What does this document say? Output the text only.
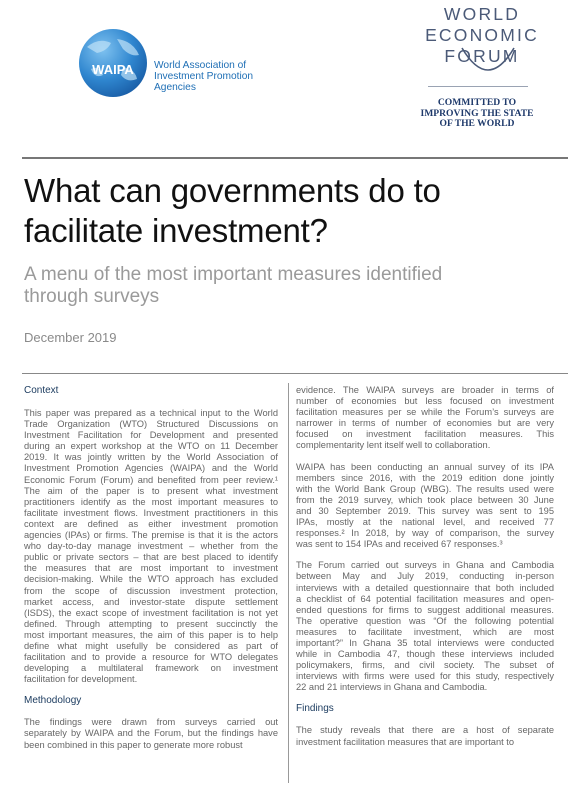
WAIPA World Association of
Investment Promotion
Agencies
WORLD
ECONOMIC
FORUM
COMMITTED TO
IMPROVING THE STATE
OF THE WORLD
What can governments do to
facilitate investment?
A menu of the most important measures identified
through surveys
December 2019
Context
This paper was prepared as a technical input to the World
Trade Organization (WTO) Structured Discussions on
Investment Facilitation for Development and presented
during an expert workshop at the WTO on 11 December
2019. It was jointly written by the World Association of
Investment Promotion Agencies (WAIPA) and the World
Economic Forum (Forum) and benefited from peer review.¹
The aim of the paper is to present what investment
practitioners identify as the most important measures to
facilitate investment flows. Investment practitioners in this
context are defined as either investment promotion
agencies (IPAs) or firms. The premise is that it is the actors
who day-to-day manage investment – whether from the
public or private sectors – that are best placed to identify
the measures that are most important to investment
decision-making. While the WTO approach has excluded
from the scope of discussion investment protection,
market access, and investor-state dispute settlement
(ISDS), the exact scope of investment facilitation is not yet
defined. Through attempting to present succinctly the
most important measures, the aim of this paper is to help
define what might usefully be considered as part of
facilitation and to provide a resource for WTO delegates
developing a multilateral framework on investment
facilitation for development.
Methodology
The findings were drawn from surveys carried out
separately by WAIPA and the Forum, but the findings have
been combined in this paper to generate more robust
evidence. The WAIPA surveys are broader in terms of
number of economies but less focused on investment
facilitation measures per se while the Forum’s surveys are
narrower in terms of number of economies but are very
focused on investment facilitation measures. This
complementarity lent itself well to collaboration.
WAIPA has been conducting an annual survey of its IPA
members since 2016, with the 2019 edition done jointly
with the World Bank Group (WBG). The results used were
from the 2019 survey, which took place between 30 June
and 30 September 2019. This survey was sent to 195
IPAs, mostly at the national level, and received 77
responses.² In 2018, by way of comparison, the survey
was sent to 154 IPAs and received 67 responses.³
The Forum carried out surveys in Ghana and Cambodia
between May and July 2019, conducting in-person
interviews with a detailed questionnaire that both included
a checklist of 64 potential facilitation measures and open-
ended questions for firms to suggest additional measures.
The operative question was “Of the following potential
measures to facilitate investment, which are most
important?” In Ghana 35 total interviews were conducted
while in Cambodia 47, though these interviews included
policymakers, firms, and civil society. The subset of
interviews with firms were used for this study, respectively
22 and 21 interviews in Ghana and Cambodia.
Findings
The study reveals that there are a host of separate
investment facilitation measures that are important to
